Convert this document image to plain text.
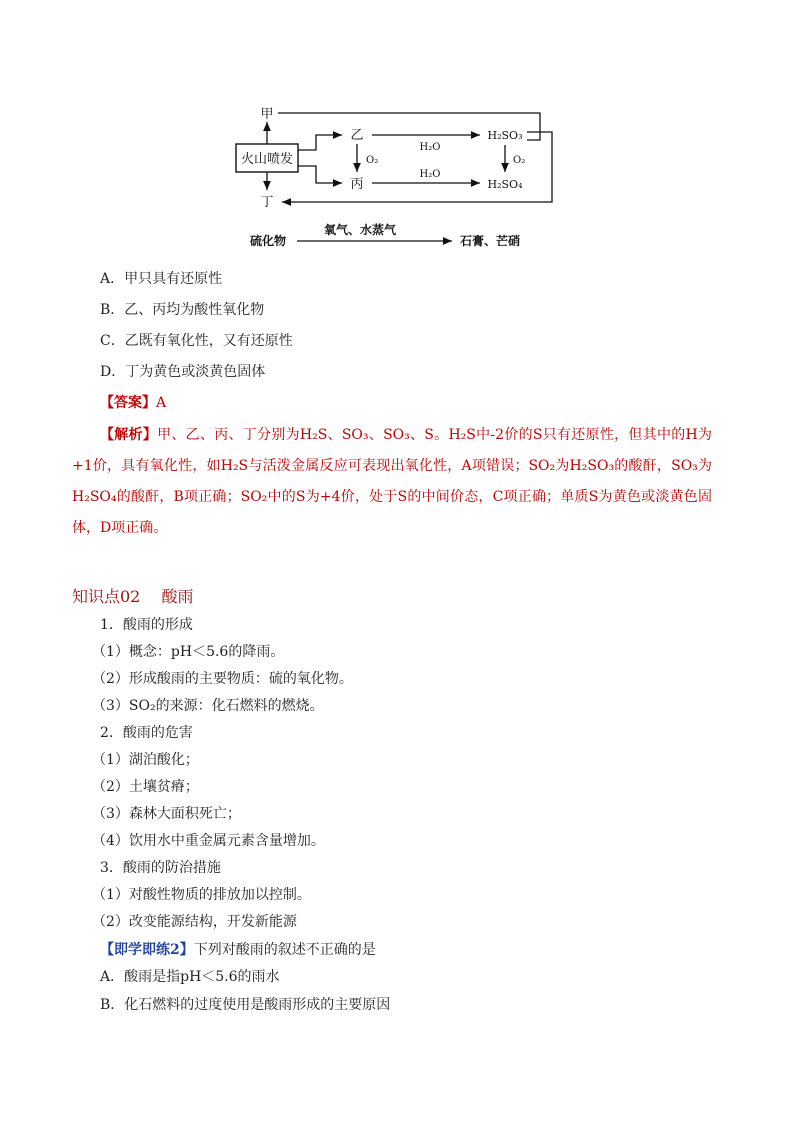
火山喷发
甲
丁
乙
丙
O₂
H₂O
H₂SO₃
O₂
H₂O
H₂SO₄
硫化物
氧气、水蒸气
石膏、芒硝
A．甲只具有还原性
B．乙、丙均为酸性氧化物
C．乙既有氧化性，又有还原性
D．丁为黄色或淡黄色固体
【答案】A
【解析】甲、乙、丙、丁分别为H₂S、SO₃、SO₃、S。H₂S中-2价的S只有还原性，但其中的H为+1价，具有氧化性，如H₂S与活泼金属反应可表现出氧化性，A项错误；SO₂为H₂SO₃的酸酐，SO₃为H₂SO₄的酸酐，B项正确；SO₂中的S为+4价，处于S的中间价态，C项正确；单质S为黄色或淡黄色固体，D项正确。
知识点02　 酸雨
1．酸雨的形成
（1）概念：pH＜5.6的降雨。
（2）形成酸雨的主要物质：硫的氧化物。
（3）SO₂的来源：化石燃料的燃烧。
2．酸雨的危害
（1）湖泊酸化；
（2）土壤贫瘠；
（3）森林大面积死亡；
（4）饮用水中重金属元素含量增加。
3．酸雨的防治措施
（1）对酸性物质的排放加以控制。
（2）改变能源结构，开发新能源
【即学即练2】下列对酸雨的叙述不正确的是
A．酸雨是指pH＜5.6的雨水
B．化石燃料的过度使用是酸雨形成的主要原因
